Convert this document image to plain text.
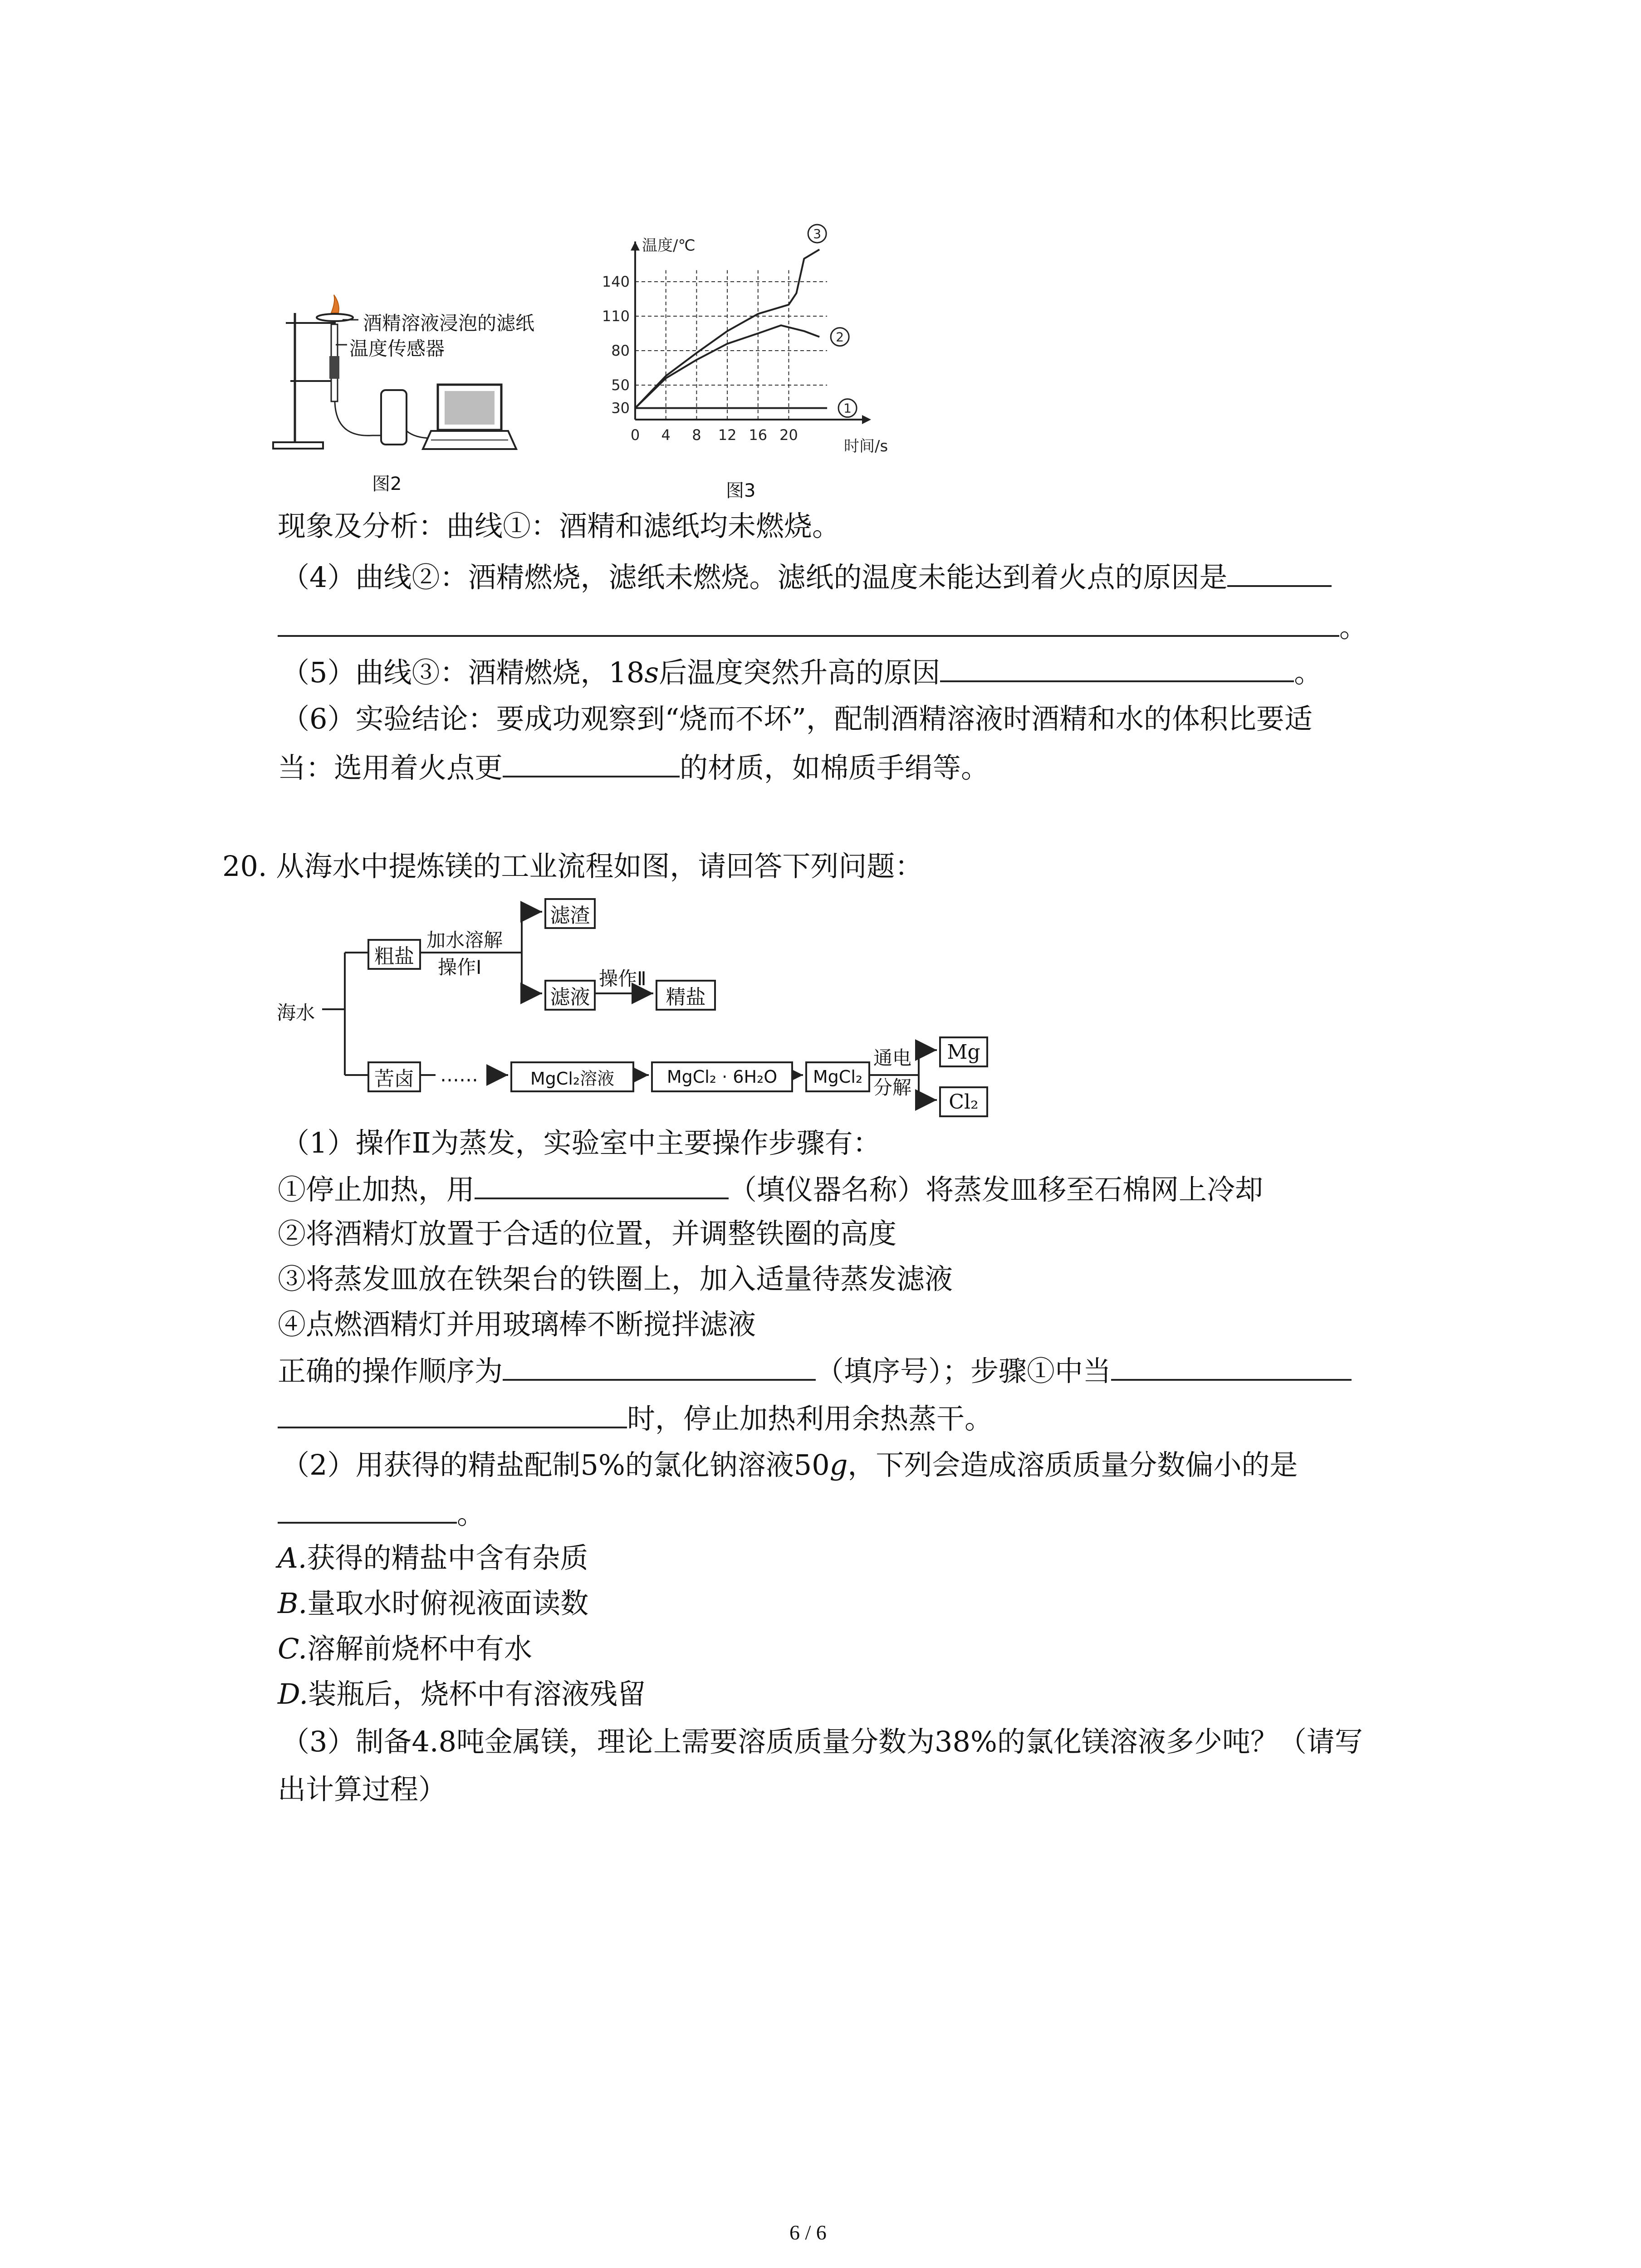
酒精溶液浸泡的滤纸
温度传感器
图2
0 4 8 12 16 20
30
50
80
110
140
温度/℃
时间/s
1
2
3
图3
现象及分析：曲线①：酒精和滤纸均未燃烧。
（4）曲线②：酒精燃烧，滤纸未燃烧。滤纸的温度未能达到着火点的原因是
。
（5）曲线③：酒精燃烧，18s后温度突然升高的原因	。
（6）实验结论：要成功观察到“烧而不坏”，配制酒精溶液时酒精和水的体积比要适
当：选用着火点更	的材质，如棉质手绢等。
20. 从海水中提炼镁的工业流程如图，请回答下列问题：
海水
粗盐
加水溶解
操作Ⅰ
滤渣
滤液
操作Ⅱ
精盐
苦卤	……	MgCl₂溶液	MgCl₂ · 6H₂O	MgCl₂
通电
分解
Mg
Cl₂
（1）操作Ⅱ为蒸发，实验室中主要操作步骤有：
①停止加热，用	（填仪器名称）将蒸发皿移至石棉网上冷却
②将酒精灯放置于合适的位置，并调整铁圈的高度
③将蒸发皿放在铁架台的铁圈上，加入适量待蒸发滤液
④点燃酒精灯并用玻璃棒不断搅拌滤液
正确的操作顺序为	（填序号）；步骤①中当
时，停止加热利用余热蒸干。
（2）用获得的精盐配制5%的氯化钠溶液50g，下列会造成溶质质量分数偏小的是
。
A.获得的精盐中含有杂质
B.量取水时俯视液面读数
C.溶解前烧杯中有水
D.装瓶后，烧杯中有溶液残留
（3）制备4.8吨金属镁，理论上需要溶质质量分数为38%的氯化镁溶液多少吨？（请写
出计算过程）
6 / 6
